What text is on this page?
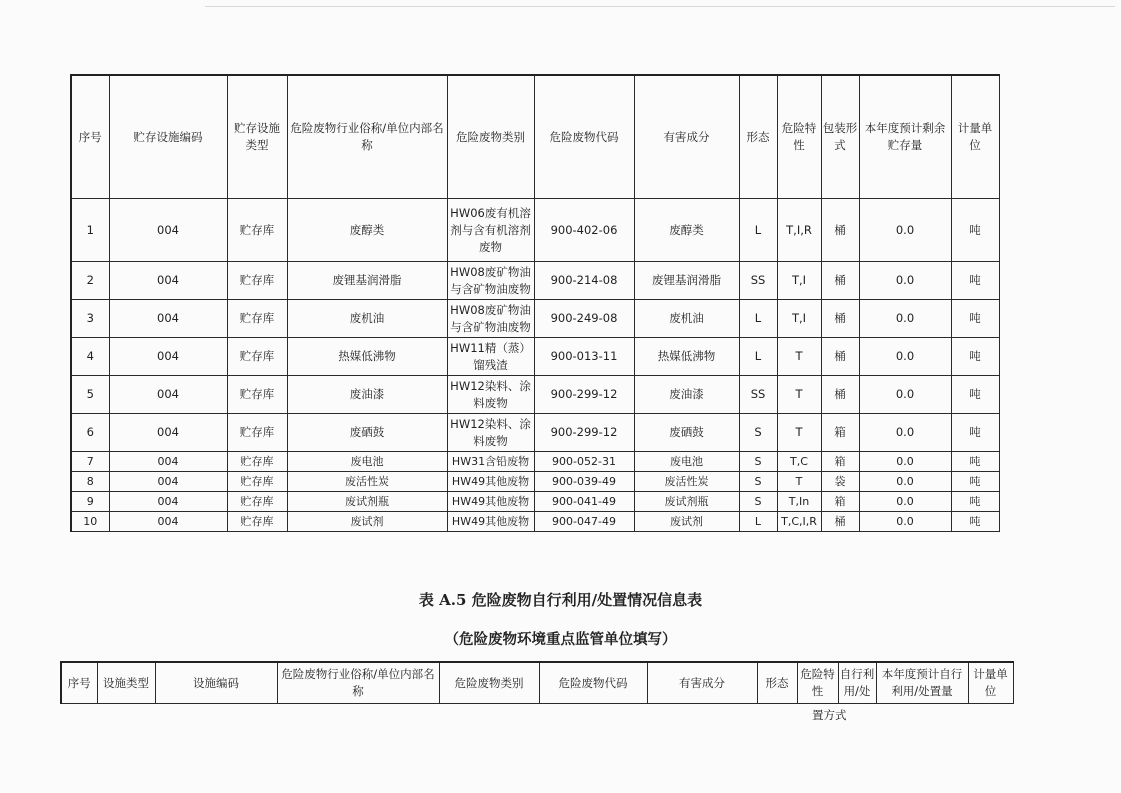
序号	贮存设施编码	贮存设施类型	危险废物行业俗称/单位内部名称	危险废物类别	危险废物代码	有害成分	形态	危险特性	包装形式	本年度预计剩余贮存量	计量单位
1	004	贮存库	废醇类	HW06废有机溶剂与含有机溶剂废物	900-402-06	废醇类	L	T,I,R	桶	0.0	吨
2	004	贮存库	废锂基润滑脂	HW08废矿物油与含矿物油废物	900-214-08	废锂基润滑脂	SS	T,I	桶	0.0	吨
3	004	贮存库	废机油	HW08废矿物油与含矿物油废物	900-249-08	废机油	L	T,I	桶	0.0	吨
4	004	贮存库	热媒低沸物	HW11精（蒸）馏残渣	900-013-11	热媒低沸物	L	T	桶	0.0	吨
5	004	贮存库	废油漆	HW12染料、涂料废物	900-299-12	废油漆	SS	T	桶	0.0	吨
6	004	贮存库	废硒鼓	HW12染料、涂料废物	900-299-12	废硒鼓	S	T	箱	0.0	吨
7	004	贮存库	废电池	HW31含铅废物	900-052-31	废电池	S	T,C	箱	0.0	吨
8	004	贮存库	废活性炭	HW49其他废物	900-039-49	废活性炭	S	T	袋	0.0	吨
9	004	贮存库	废试剂瓶	HW49其他废物	900-041-49	废试剂瓶	S	T,In	箱	0.0	吨
10	004	贮存库	废试剂	HW49其他废物	900-047-49	废试剂	L	T,C,I,R	桶	0.0	吨
表 A.5 危险废物自行利用/处置情况信息表
（危险废物环境重点监管单位填写）
序号	设施类型	设施编码	危险废物行业俗称/单位内部名称	危险废物类别	危险废物代码	有害成分	形态	危险特性	自行利用/处	本年度预计自行利用/处置量	计量单位
置方式
